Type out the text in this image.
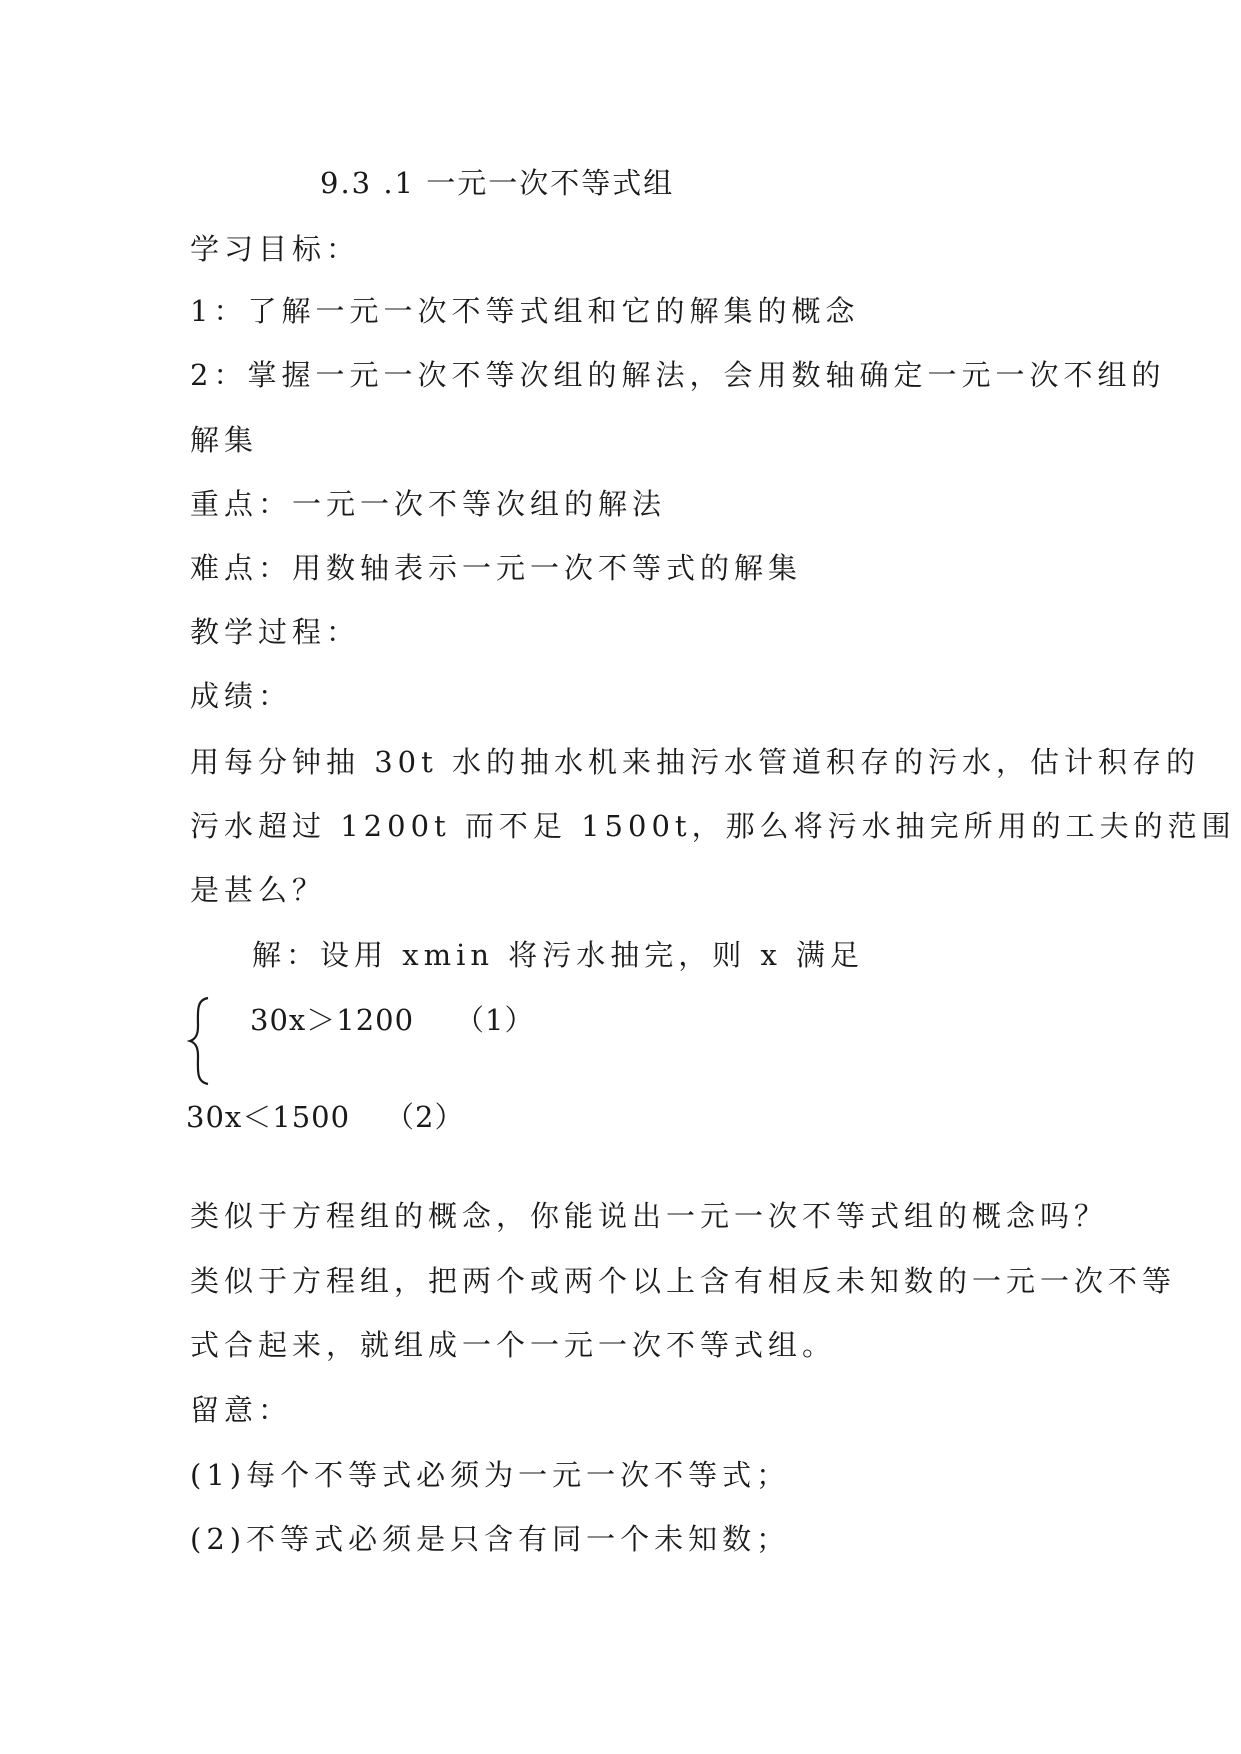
9.3 .1 一元一次不等式组

学习目标：

1：了解一元一次不等式组和它的解集的概念

2：掌握一元一次不等次组的解法，会用数轴确定一元一次不组的

解集

重点：一元一次不等次组的解法

难点：用数轴表示一元一次不等式的解集

教学过程：

成绩：

用每分钟抽 30t 水的抽水机来抽污水管道积存的污水，估计积存的

污水超过 1200t 而不足 1500t，那么将污水抽完所用的工夫的范围

是甚么？

解：设用 xmin 将污水抽完，则 x 满足

30x＞1200 （1）

30x＜1500 （2）

类似于方程组的概念，你能说出一元一次不等式组的概念吗？

类似于方程组，把两个或两个以上含有相反未知数的一元一次不等

式合起来，就组成一个一元一次不等式组。

留意：

(1)每个不等式必须为一元一次不等式；

(2)不等式必须是只含有同一个未知数；
